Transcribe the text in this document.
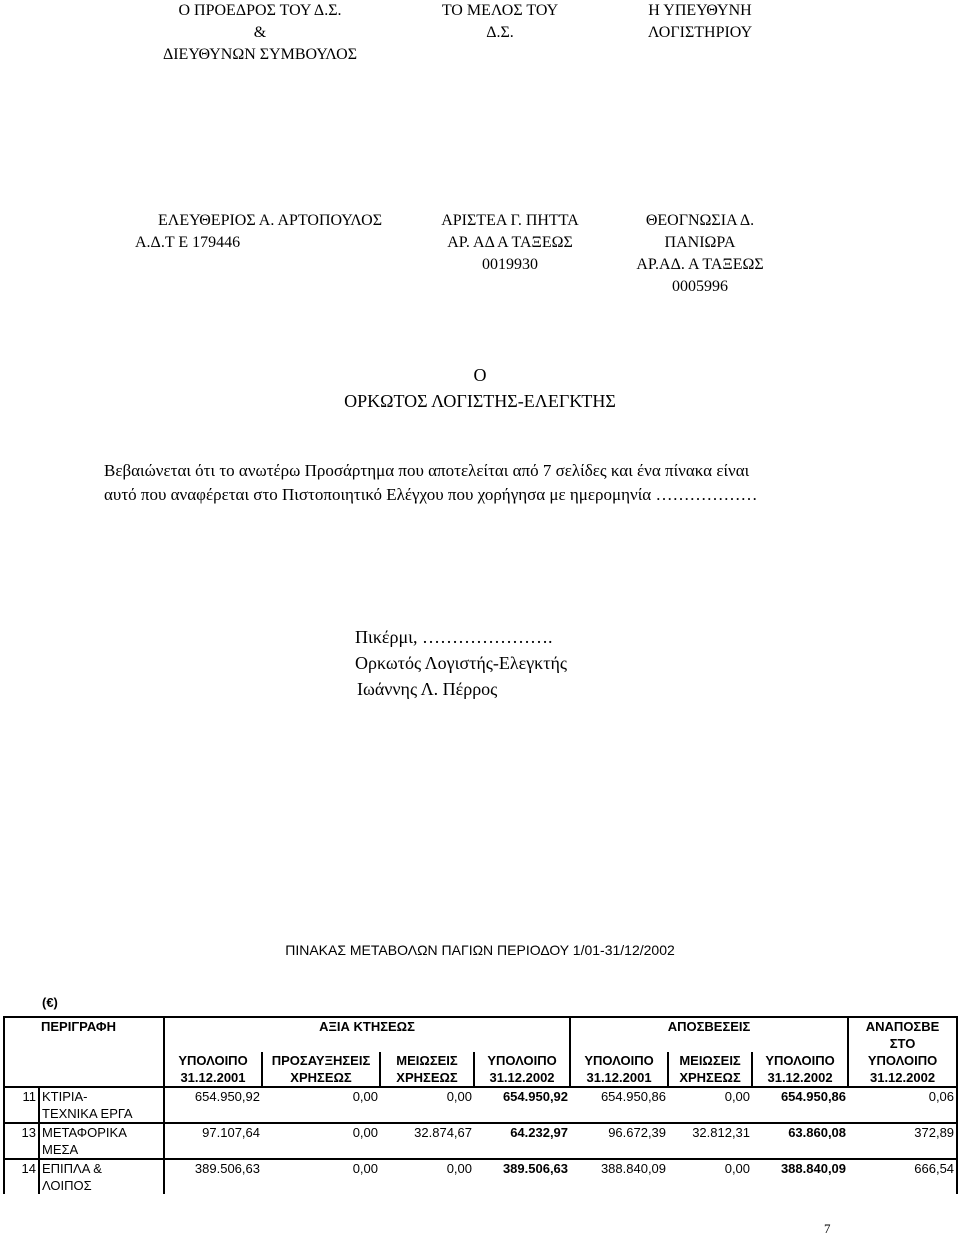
Ο ΠΡΟΕΔΡΟΣ ΤΟΥ Δ.Σ.
&
ΔΙΕΥΘΥΝΩΝ ΣΥΜΒΟΥΛΟΣ
ΤΟ ΜΕΛΟΣ ΤΟΥ
Δ.Σ.
Η ΥΠΕΥΘΥΝΗ
ΛΟΓΙΣΤΗΡΙΟΥ
ΕΛΕΥΘΕΡΙΟΣ Α. ΑΡΤΟΠΟΥΛΟΣ
Α.Δ.Τ Ε 179446
ΑΡΙΣΤΕΑ Γ. ΠΗΤΤΑ
ΑΡ. ΑΔ Α ΤΑΞΕΩΣ
0019930
ΘΕΟΓΝΩΣΙΑ Δ.
ΠΑΝΙΩΡΑ
ΑΡ.ΑΔ. Α ΤΑΞΕΩΣ
0005996
Ο
ΟΡΚΩΤΟΣ ΛΟΓΙΣΤΗΣ-ΕΛΕΓΚΤΗΣ
Βεβαιώνεται ότι το ανωτέρω Προσάρτημα που αποτελείται από 7 σελίδες και ένα πίνακα είναι
αυτό που αναφέρεται στο Πιστοποιητικό Ελέγχου που χορήγησα με ημερομηνία ………………
Πικέρμι, ………………….
Ορκωτός Λογιστής-Ελεγκτής
Ιωάννης Λ. Πέρρος
ΠΙΝΑΚΑΣ ΜΕΤΑΒΟΛΩΝ ΠΑΓΙΩΝ ΠΕΡΙΟΔΟΥ 1/01-31/12/2002
(€)
	ΠΕΡΙΓΡΑΦΗ	ΑΞΙΑ ΚΤΗΣΕΩΣ				ΑΠΟΣΒΕΣΕΙΣ			ΑΝΑΠΟΣΒΕ
									ΣΤΟ
		ΥΠΟΛΟΙΠΟ	ΠΡΟΣΑΥΞΗΣΕΙΣ	ΜΕΙΩΣΕΙΣ	ΥΠΟΛΟΙΠΟ	ΥΠΟΛΟΙΠΟ	ΜΕΙΩΣΕΙΣ	ΥΠΟΛΟΙΠΟ	ΥΠΟΛΟΙΠΟ
		31.12.2001	ΧΡΗΣΕΩΣ	ΧΡΗΣΕΩΣ	31.12.2002	31.12.2001	ΧΡΗΣΕΩΣ	31.12.2002	31.12.2002
11	ΚΤΙΡΙΑ-	654.950,92	0,00	0,00	654.950,92	654.950,86	0,00	654.950,86	0,06
	ΤΕΧΝΙΚΑ ΕΡΓΑ								
13	ΜΕΤΑΦΟΡΙΚΑ	97.107,64	0,00	32.874,67	64.232,97	96.672,39	32.812,31	63.860,08	372,89
	ΜΕΣΑ								
14	ΕΠΙΠΛΑ &	389.506,63	0,00	0,00	389.506,63	388.840,09	0,00	388.840,09	666,54
	ΛΟΙΠΟΣ								
7
